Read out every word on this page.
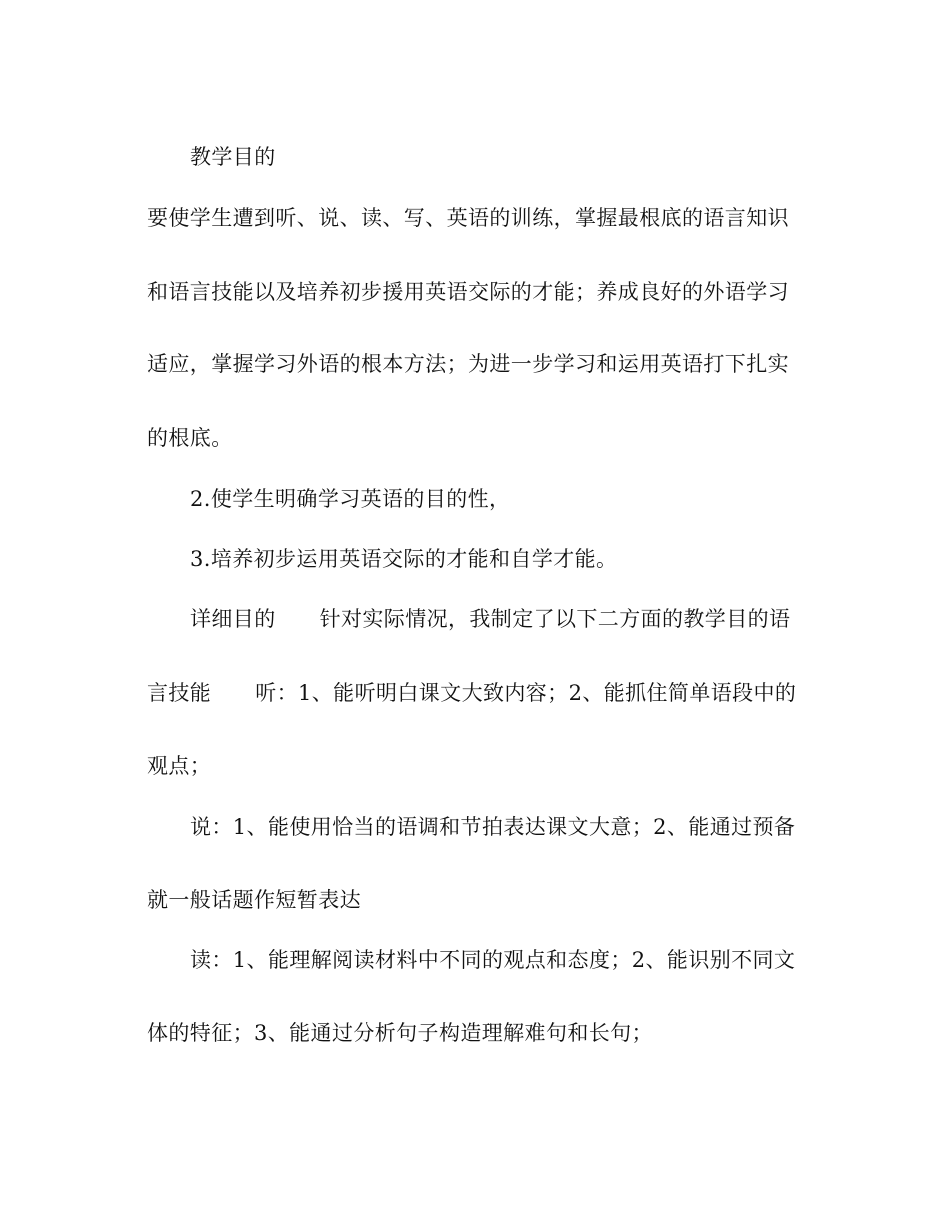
教学目的
要使学生遭到听、说、读、写、英语的训练，掌握最根底的语言知识
和语言技能以及培养初步援用英语交际的才能；养成良好的外语学习
适应，掌握学习外语的根本方法；为进一步学习和运用英语打下扎实
的根底。
2.使学生明确学习英语的目的性，
3.培养初步运用英语交际的才能和自学才能。
详细目的 针对实际情况，我制定了以下二方面的教学目的语
言技能 听：1、能听明白课文大致内容；2、能抓住简单语段中的
观点；
说：1、能使用恰当的语调和节拍表达课文大意；2、能通过预备
就一般话题作短暂表达
读：1、能理解阅读材料中不同的观点和态度；2、能识别不同文
体的特征；3、能通过分析句子构造理解难句和长句；
